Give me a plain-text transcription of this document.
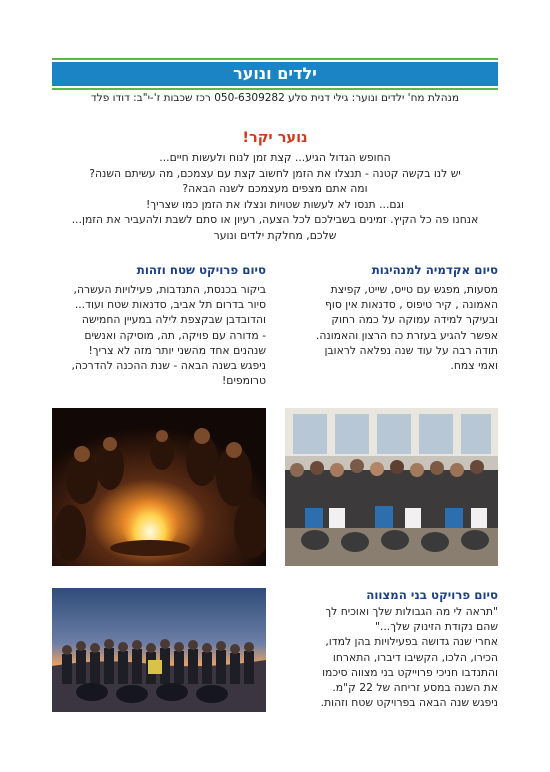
ילדים ונוער
מנהלת מח' ילדים ונוער: גילי דנית סלע 050-6309282 רכז שכבות ז'-י"ב: דודו פלד
נוער יקר!
החופש הגדול הגיע... קצת זמן לנוח ולעשות חיים...
יש לנו בקשה קטנה - תנצלו את הזמן לחשוב קצת עם עצמכם, מה עשיתם השנה?
ומה אתם מצפים מעצמכם לשנה הבאה?
וגם... תנסו לא לעשות שטויות ונצלו את הזמן כמו שצריך!
אנחנו פה כל הקיץ. זמינים בשבילכם לכל הצעה, רעיון או סתם לשבת ולהעביר את הזמן...
שלכם, מחלקת ילדים ונוער
סיום אקדמיה למנהיגות
מסעות, מפגש עם טייס, שייט, קפיצת
האמונה , קיר טיפוס , סדנאות אין סוף
ובעיקר למידה עמוקה על כמה רחוק
אפשר להגיע בעזרת כח הרצון והאמונה.
תודה רבה על עוד שנה נפלאה לראובן
ואמי צמח.
סיום פרויקט שטח וזהות
ביקור בכנסת, התנדבות, פעילויות העשרה,
סיור בדרום תל אביב, סדנאות שטח ועוד...
והדובדבן שבקצפת לילה במעיין החמישה
- מדורה עם פויקה, תה, מוסיקה ואנשים
שנהנים אחד מהשני יותר מזה לא צריך!
ניפגש בשנה הבאה - שנת ההכנה להדרכה,
טרומפים!
סיום פרויקט בני המצווה
"תראה לי מה הגבולות שלך ואוכיח לך
שהם נקודת הזינוק שלך..."
אחרי שנה גדושה בפעילויות בהן למדו,
הכירו, הלכו, הקשיבו דיברו, התארחו
והתנדבו חניכי פרוייקט בני מצווה סיכמו
את השנה במסע זריחה של 22 ק"מ.
ניפגש שנה הבאה בפרויקט שטח וזהות.
